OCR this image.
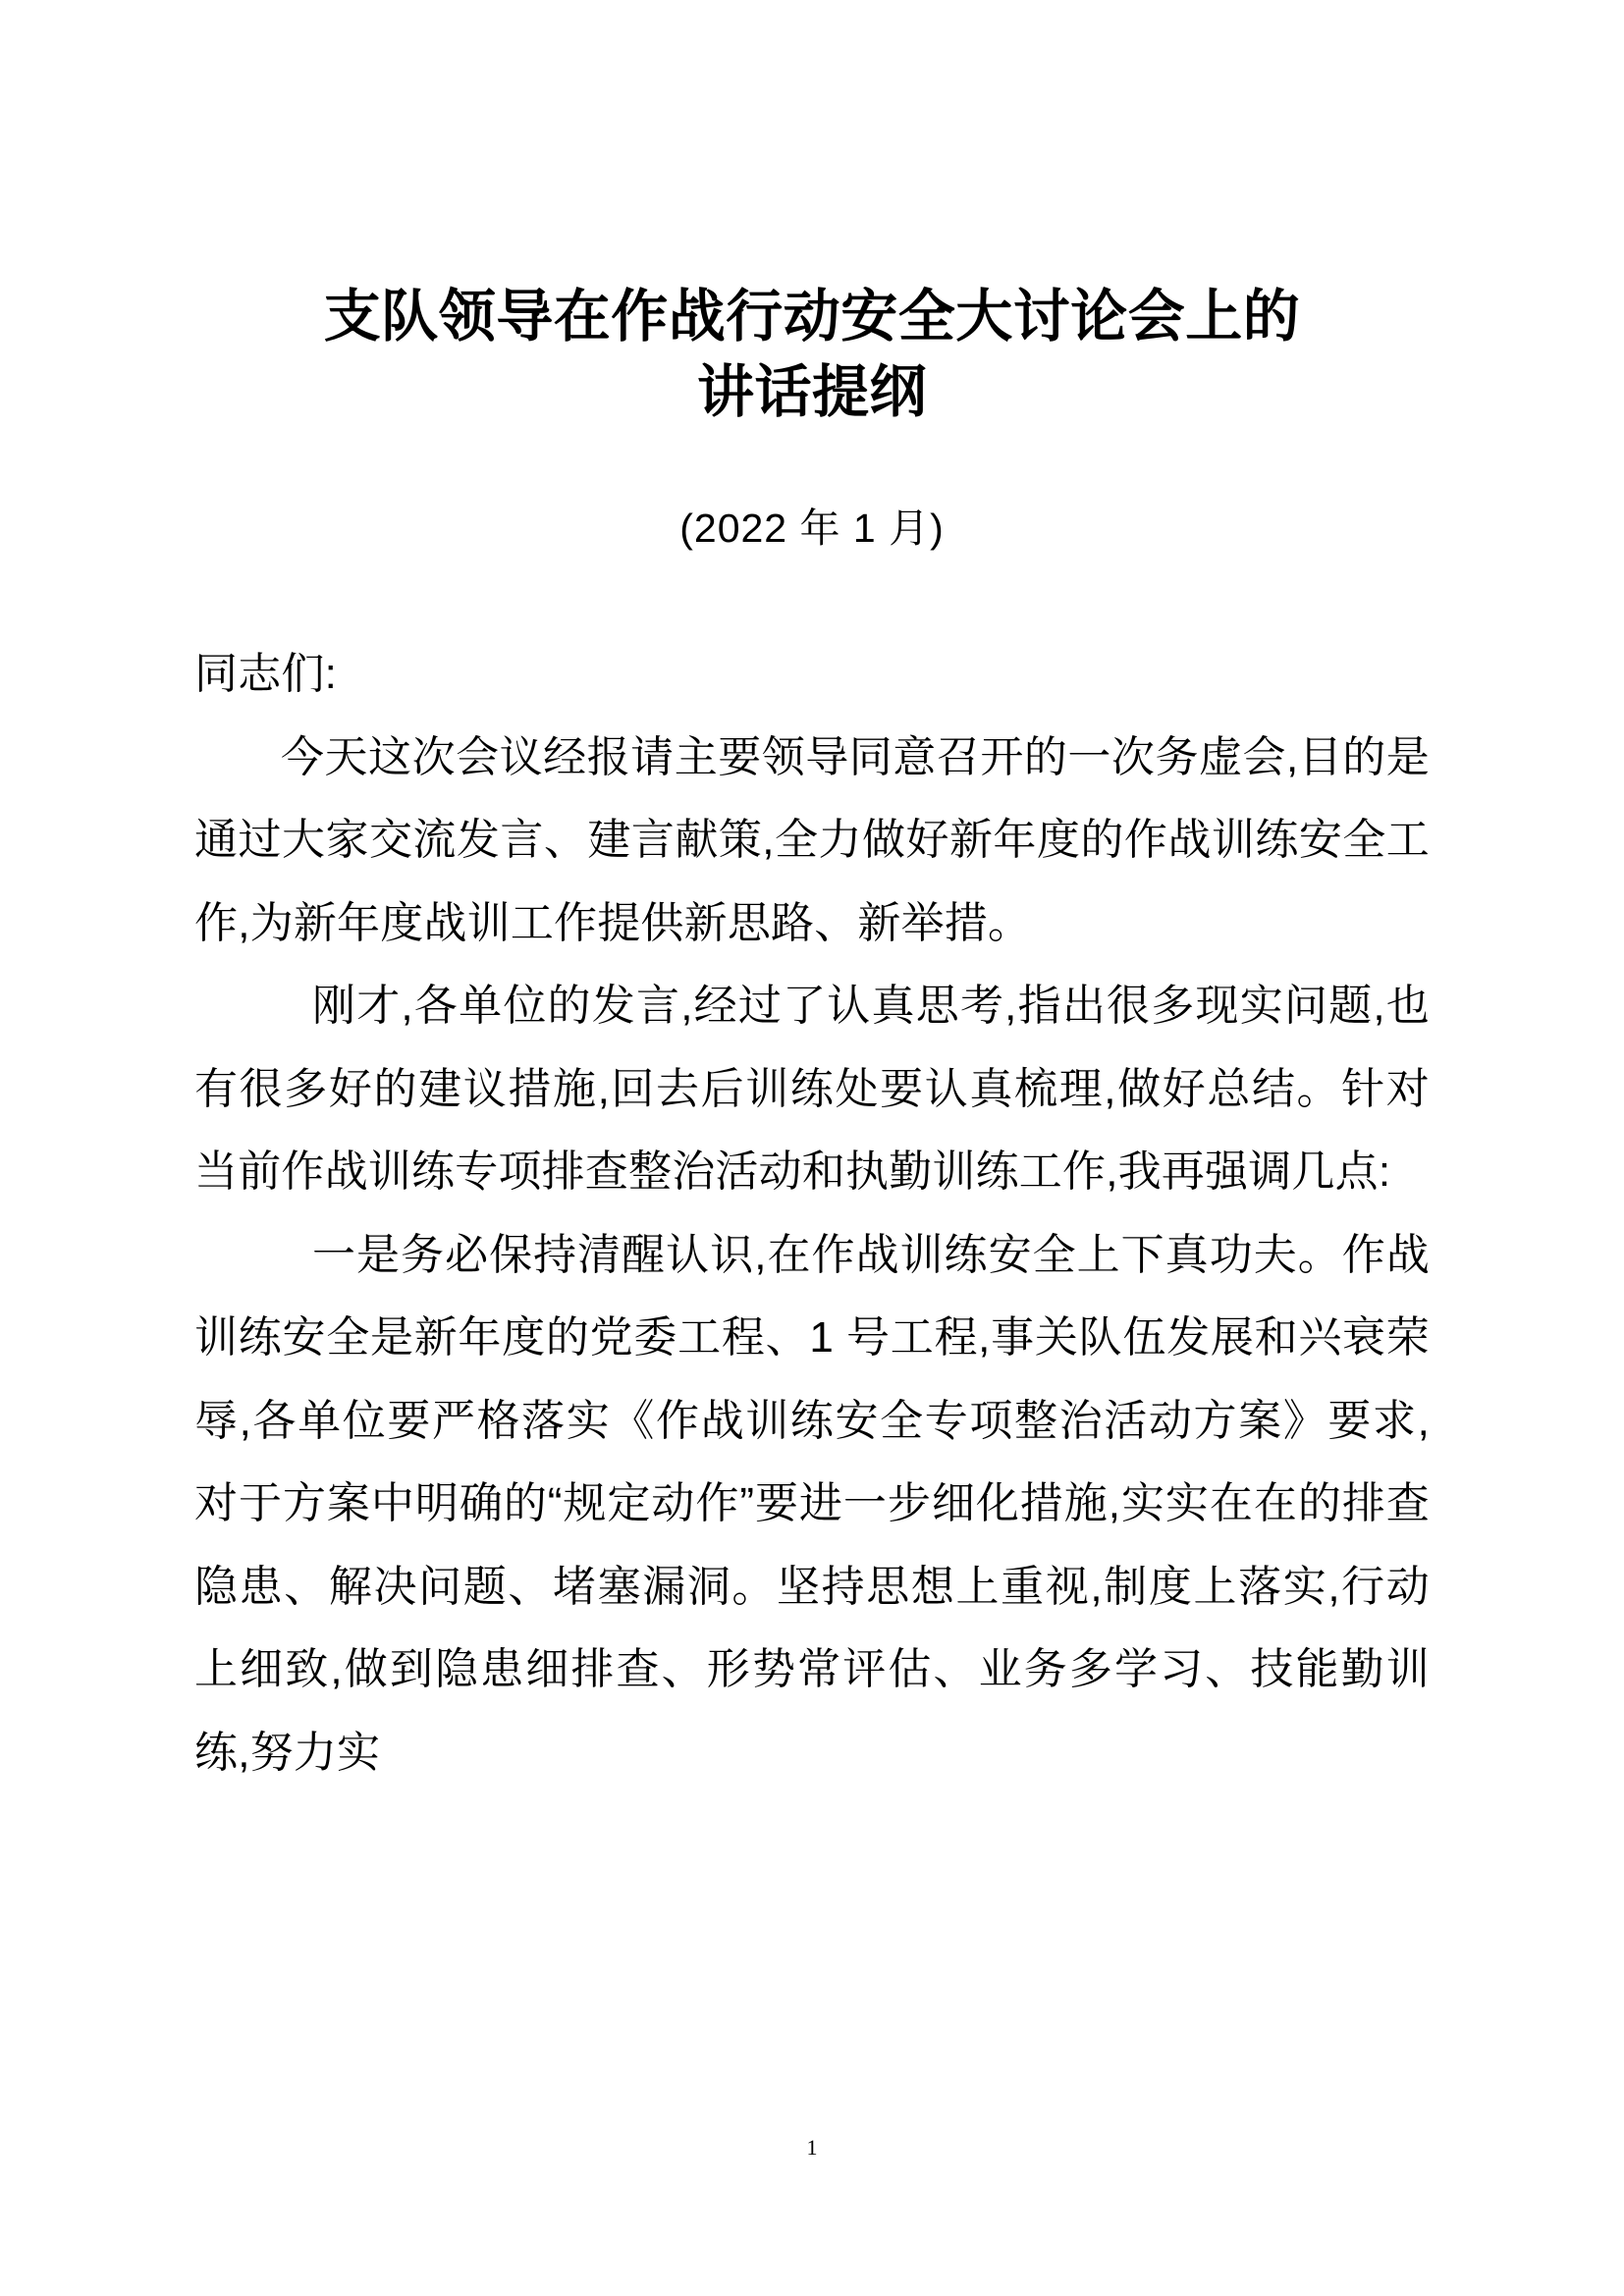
支队领导在作战行动安全大讨论会上的
讲话提纲

(2022 年 1 月)

同志们:

今天这次会议经报请主要领导同意召开的一次务虚会,目的是通过大家交流发言、建言献策,全力做好新年度的作战训练安全工作,为新年度战训工作提供新思路、新举措。

刚才,各单位的发言,经过了认真思考,指出很多现实问题,也有很多好的建议措施,回去后训练处要认真梳理,做好总结。针对当前作战训练专项排查整治活动和执勤训练工作,我再强调几点:

一是务必保持清醒认识,在作战训练安全上下真功夫。作战训练安全是新年度的党委工程、1 号工程,事关队伍发展和兴衰荣辱,各单位要严格落实《作战训练安全专项整治活动方案》要求,对于方案中明确的“规定动作”要进一步细化措施,实实在在的排查隐患、解决问题、堵塞漏洞。坚持思想上重视,制度上落实,行动上细致,做到隐患细排查、形势常评估、业务多学习、技能勤训练,努力实

1
